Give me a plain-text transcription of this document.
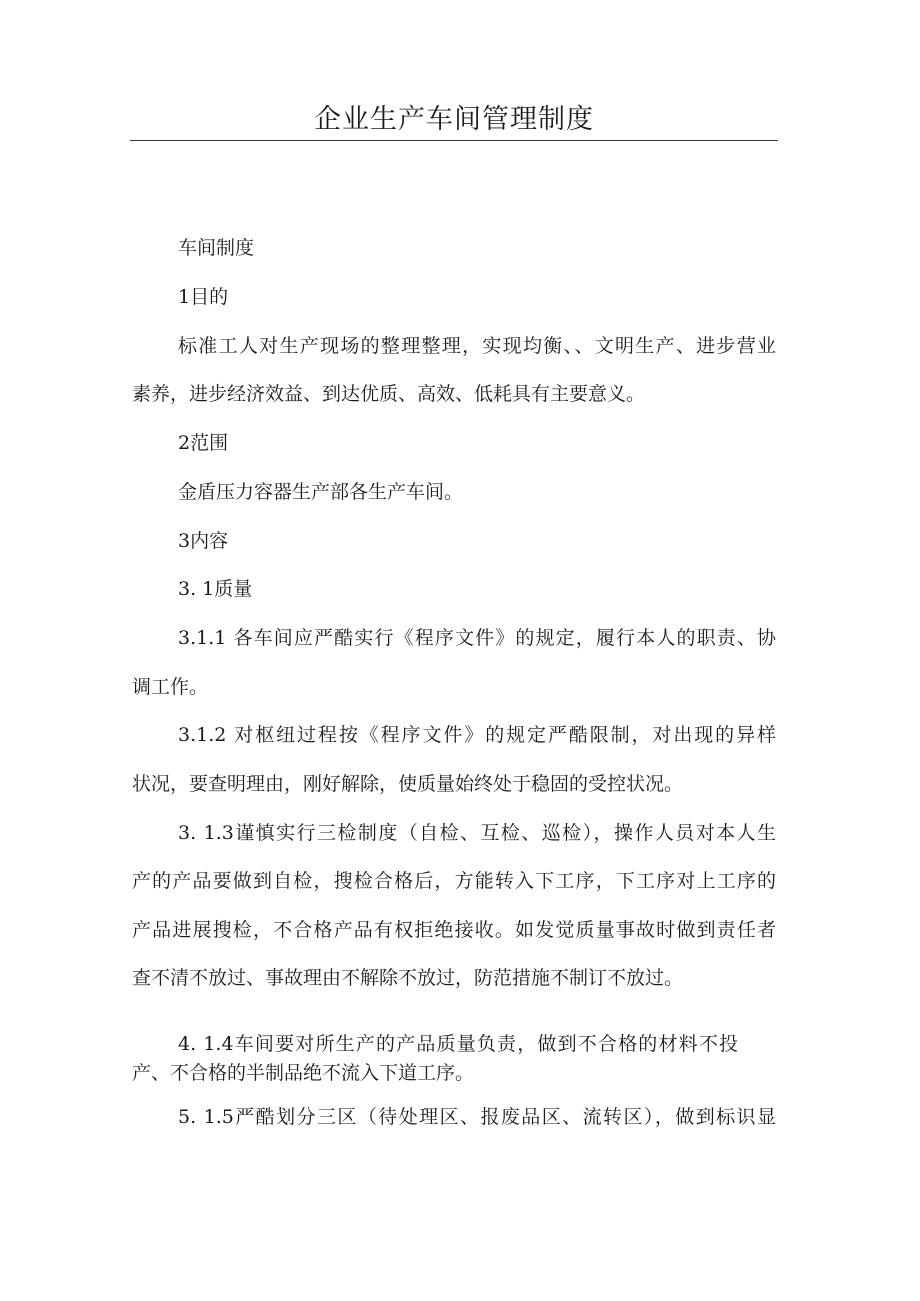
企业生产车间管理制度
车间制度
1目的
标准工人对生产现场的整理整理，实现均衡、、文明生产、进步营业
素养，进步经济效益、到达优质、高效、低耗具有主要意义。
2范围
金盾压力容器生产部各生产车间。
3内容
3. 1质量
3.1.1 各车间应严酷实行《程序文件》的规定，履行本人的职责、协
调工作。
3.1.2 对枢纽过程按《程序文件》的规定严酷限制，对出现的异样
状况，要查明理由，刚好解除，使质量始终处于稳固的受控状况。
3. 1.3谨慎实行三检制度（自检、互检、巡检），操作人员对本人生
产的产品要做到自检，搜检合格后，方能转入下工序，下工序对上工序的
产品进展搜检，不合格产品有权拒绝接收。如发觉质量事故时做到责任者
查不清不放过、事故理由不解除不放过，防范措施不制订不放过。
4. 1.4车间要对所生产的产品质量负责，做到不合格的材料不投
产、不合格的半制品绝不流入下道工序。
5. 1.5严酷划分三区（待处理区、报废品区、流转区），做到标识显
